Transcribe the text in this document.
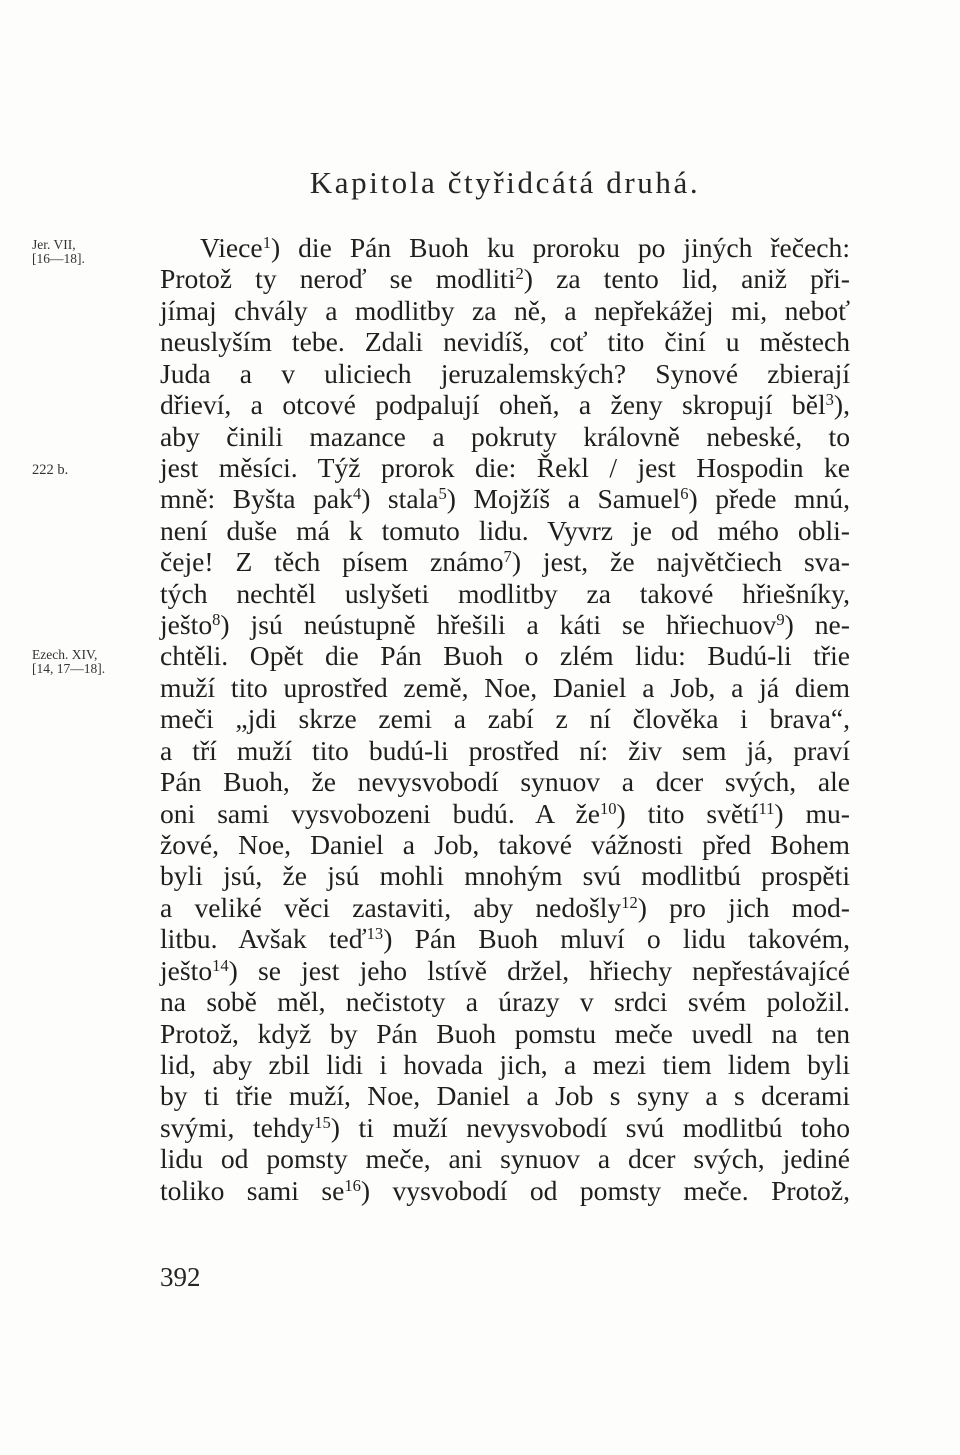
Kapitola čtyřidcátá druhá.
Jer. VII,
[16—18].
222 b.
Ezech. XIV,
[14, 17—18].
Viece$^1$) die Pán Buoh ku proroku po jiných řečech:
Protož ty neroď se modliti$^2$) za tento lid, aniž při-
jímaj chvály a modlitby za ně, a nepřekážej mi, neboť
neuslyším tebe. Zdali nevidíš, coť tito činí u městech
Juda a v uliciech jeruzalemských? Synové zbierají
dřieví, a otcové podpalují oheň, a ženy skropují běl$^3$),
aby činili mazance a pokruty královně nebeské, to
jest měsíci. Týž prorok die: Řekl / jest Hospodin ke
mně: Byšta pak$^4$) stala$^5$) Mojžíš a Samuel$^6$) přede mnú,
není duše má k tomuto lidu. Vyvrz je od mého obli-
čeje! Z těch písem známo$^7$) jest, že najvětčiech sva-
tých nechtěl uslyšeti modlitby za takové hřiešníky,
ješto$^8$) jsú neústupně hřešili a káti se hřiechuov$^9$) ne-
chtěli. Opět die Pán Buoh o zlém lidu: Budú-li třie
muží tito uprostřed země, Noe, Daniel a Job, a já diem
meči „jdi skrze zemi a zabí z ní člověka i brava“,
a tří muží tito budú-li prostřed ní: živ sem já, praví
Pán Buoh, že nevysvobodí synuov a dcer svých, ale
oni sami vysvobozeni budú. A $že^{10}$) tito světí$^{11}$) mu-
žové, Noe, Daniel a Job, takové vážnosti před Bohem
byli jsú, že jsú mohli mnohým svú modlitbú prospěti
a veliké věci zastaviti, aby nedošly$^{12}$) pro jich mod-
litbu. Avšak teď$^{13}$) Pán Buoh mluví o lidu takovém,
ješto$^{14}$) se jest jeho lstívě držel, hřiechy nepřestávajícé
na sobě měl, nečistoty a úrazy v srdci svém položil.
Protož, když by Pán Buoh pomstu meče uvedl na ten
lid, aby zbil lidi i hovada jich, a mezi tiem lidem byli
by ti třie muží, Noe, Daniel a Job s syny a s dcerami
svými, tehdy$^{15}$) ti muží nevysvobodí svú modlitbú toho
lidu od pomsty meče, ani synuov a dcer svých, jediné
toliko sami $se^{16}$) vysvobodí od pomsty meče. Protož,
392
